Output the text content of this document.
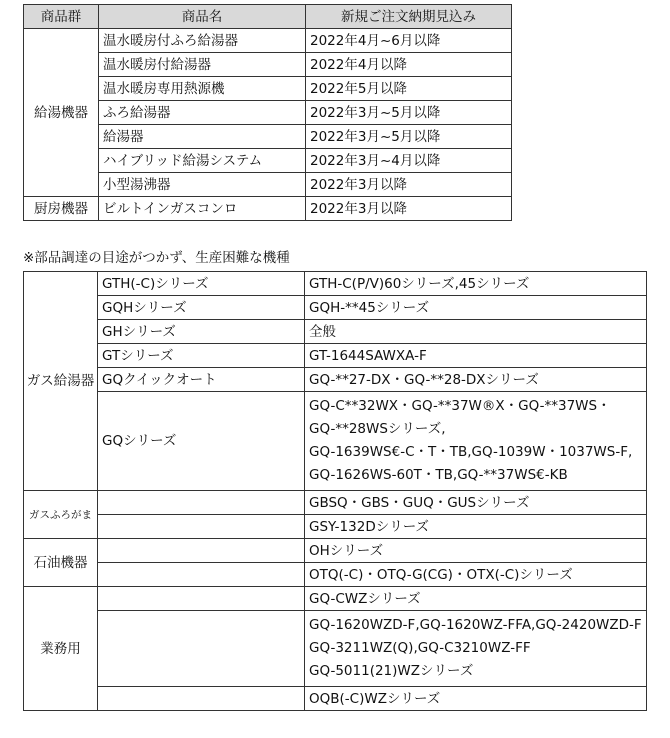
商品群	商品名	新規ご注文納期見込み
給湯機器	温水暖房付ふろ給湯器	2022年4月~6月以降
	温水暖房付給湯器	2022年4月以降
	温水暖房専用熱源機	2022年5月以降
	ふろ給湯器	2022年3月~5月以降
	給湯器	2022年3月~5月以降
	ハイブリッド給湯システム	2022年3月~4月以降
	小型湯沸器	2022年3月以降
厨房機器	ビルトインガスコンロ	2022年3月以降
※部品調達の目途がつかず、生産困難な機種
ガス給湯器	GTH(-C)シリーズ	GTH-C(P/V)60シリーズ,45シリーズ
	GQHシリーズ	GQH-**45シリーズ
	GHシリーズ	全般
	GTシリーズ	GT-1644SAWXA-F
	GQクイックオート	GQ-**27-DX・GQ-**28-DXシリーズ
	GQシリーズ	GQ-C**32WX・GQ-**37W®X・GQ-**37WS・
GQ-**28WSシリーズ,
GQ-1639WS€-C・T・TB,GQ-1039W・1037WS-F,
GQ-1626WS-60T・TB,GQ-**37WS€-KB

ガスふろがま		GBSQ・GBS・GUQ・GUSシリーズ
		GSY-132Dシリーズ
石油機器		OHシリーズ
		OTQ(-C)・OTQ-G(CG)・OTX(-C)シリーズ
業務用		GQ-CWZシリーズ

		GQ-1620WZD-F,GQ-1620WZ-FFA,GQ-2420WZD-F
GQ-3211WZ(Q),GQ-C3210WZ-FF
GQ-5011(21)WZシリーズ

		OQB(-C)WZシリーズ
